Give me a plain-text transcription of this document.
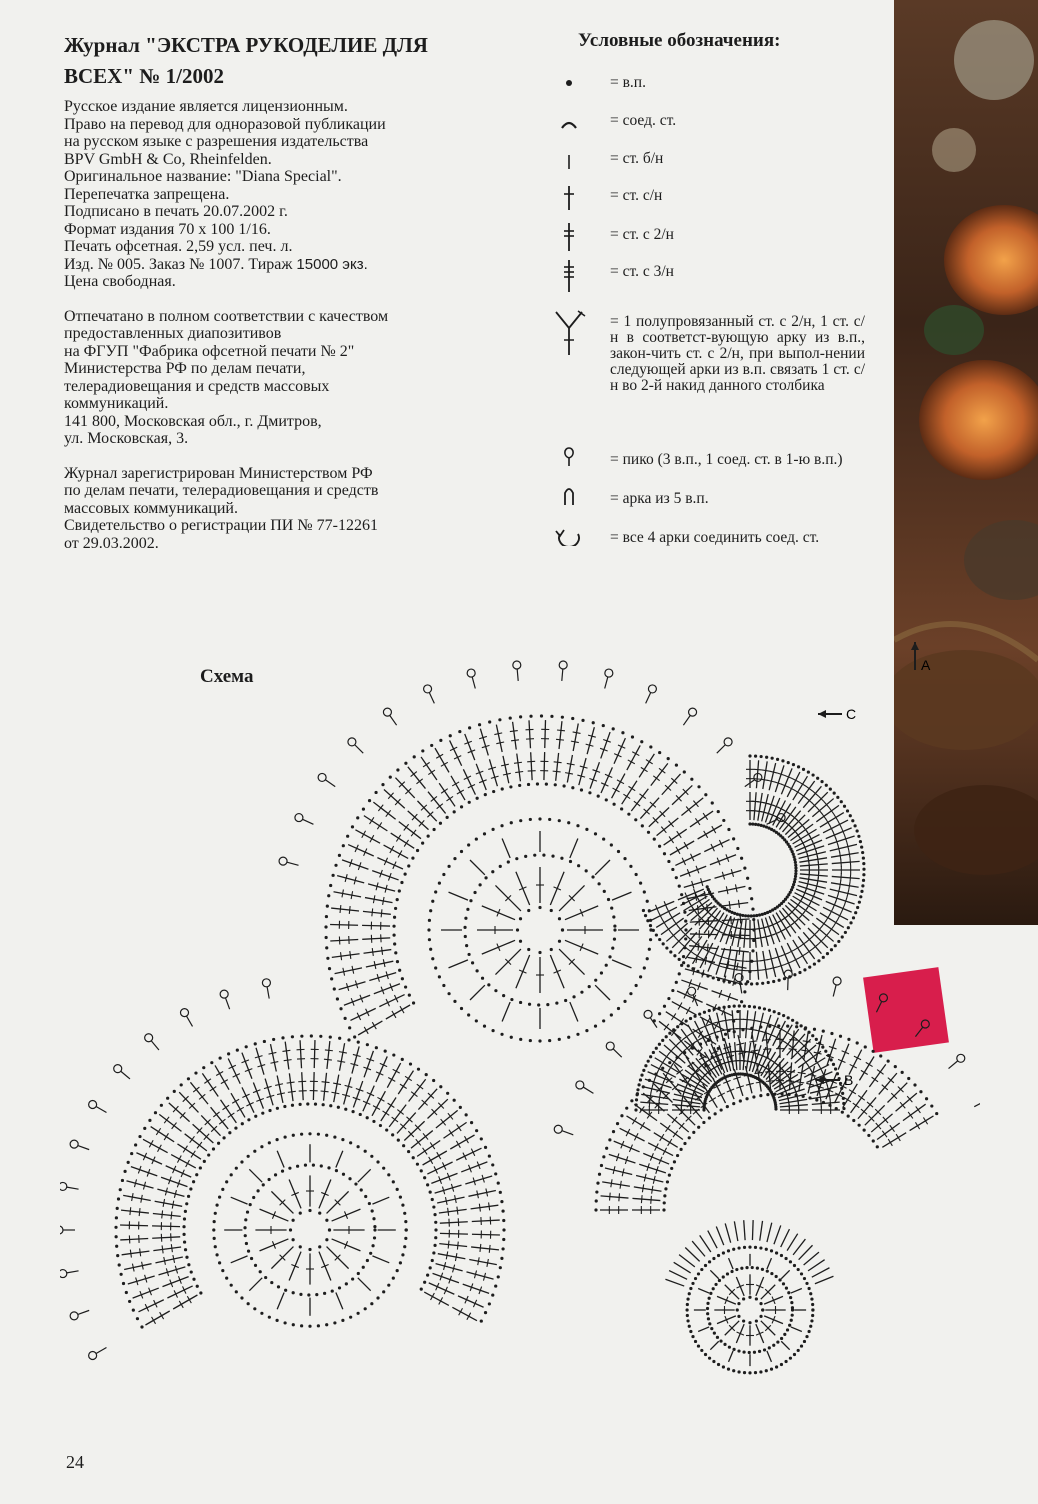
Журнал "ЭКСТРА РУКОДЕЛИЕ ДЛЯ
ВСЕХ" № 1/2002
Русское издание является лицензионным.
Право на перевод для одноразовой публикации
на русском языке с разрешения издательства
BPV GmbH & Co, Rheinfelden.
Оригинальное название: "Diana Special".
Перепечатка запрещена.
Подписано в печать 20.07.2002 г.
Формат издания 70 х 100 1/16.
Печать офсетная. 2,59 усл. печ. л.
Изд. № 005. Заказ № 1007. Тираж 15000 экз.
Цена свободная.
Отпечатано в полном соответствии с качеством
предоставленных диапозитивов
на ФГУП "Фабрика офсетной печати № 2"
Министерства РФ по делам печати,
телерадиовещания и средств массовых
коммуникаций.
141 800, Московская обл., г. Дмитров,
ул. Московская, 3.
Журнал зарегистрирован Министерством РФ
по делам печати, телерадиовещания и средств
массовых коммуникаций.
Свидетельство о регистрации ПИ № 77-12261
от 29.03.2002.
Условные обозначения:
= в.п.
= соед. ст.
= ст. б/н
= ст. с/н
= ст. с 2/н
= ст. с 3/н
= 1 полупровязанный ст. с 2/н, 1 ст. с/н в соответст-вующую арку из в.п., закон-чить ст. с 2/н, при выпол-нении следующей арки из в.п. связать 1 ст. с/н во 2-й накид данного столбика
= пико (3 в.п., 1 соед. ст. в 1-ю в.п.)
= арка из 5 в.п.
= все 4 арки соединить соед. ст.
Схема
C
B
A
24
